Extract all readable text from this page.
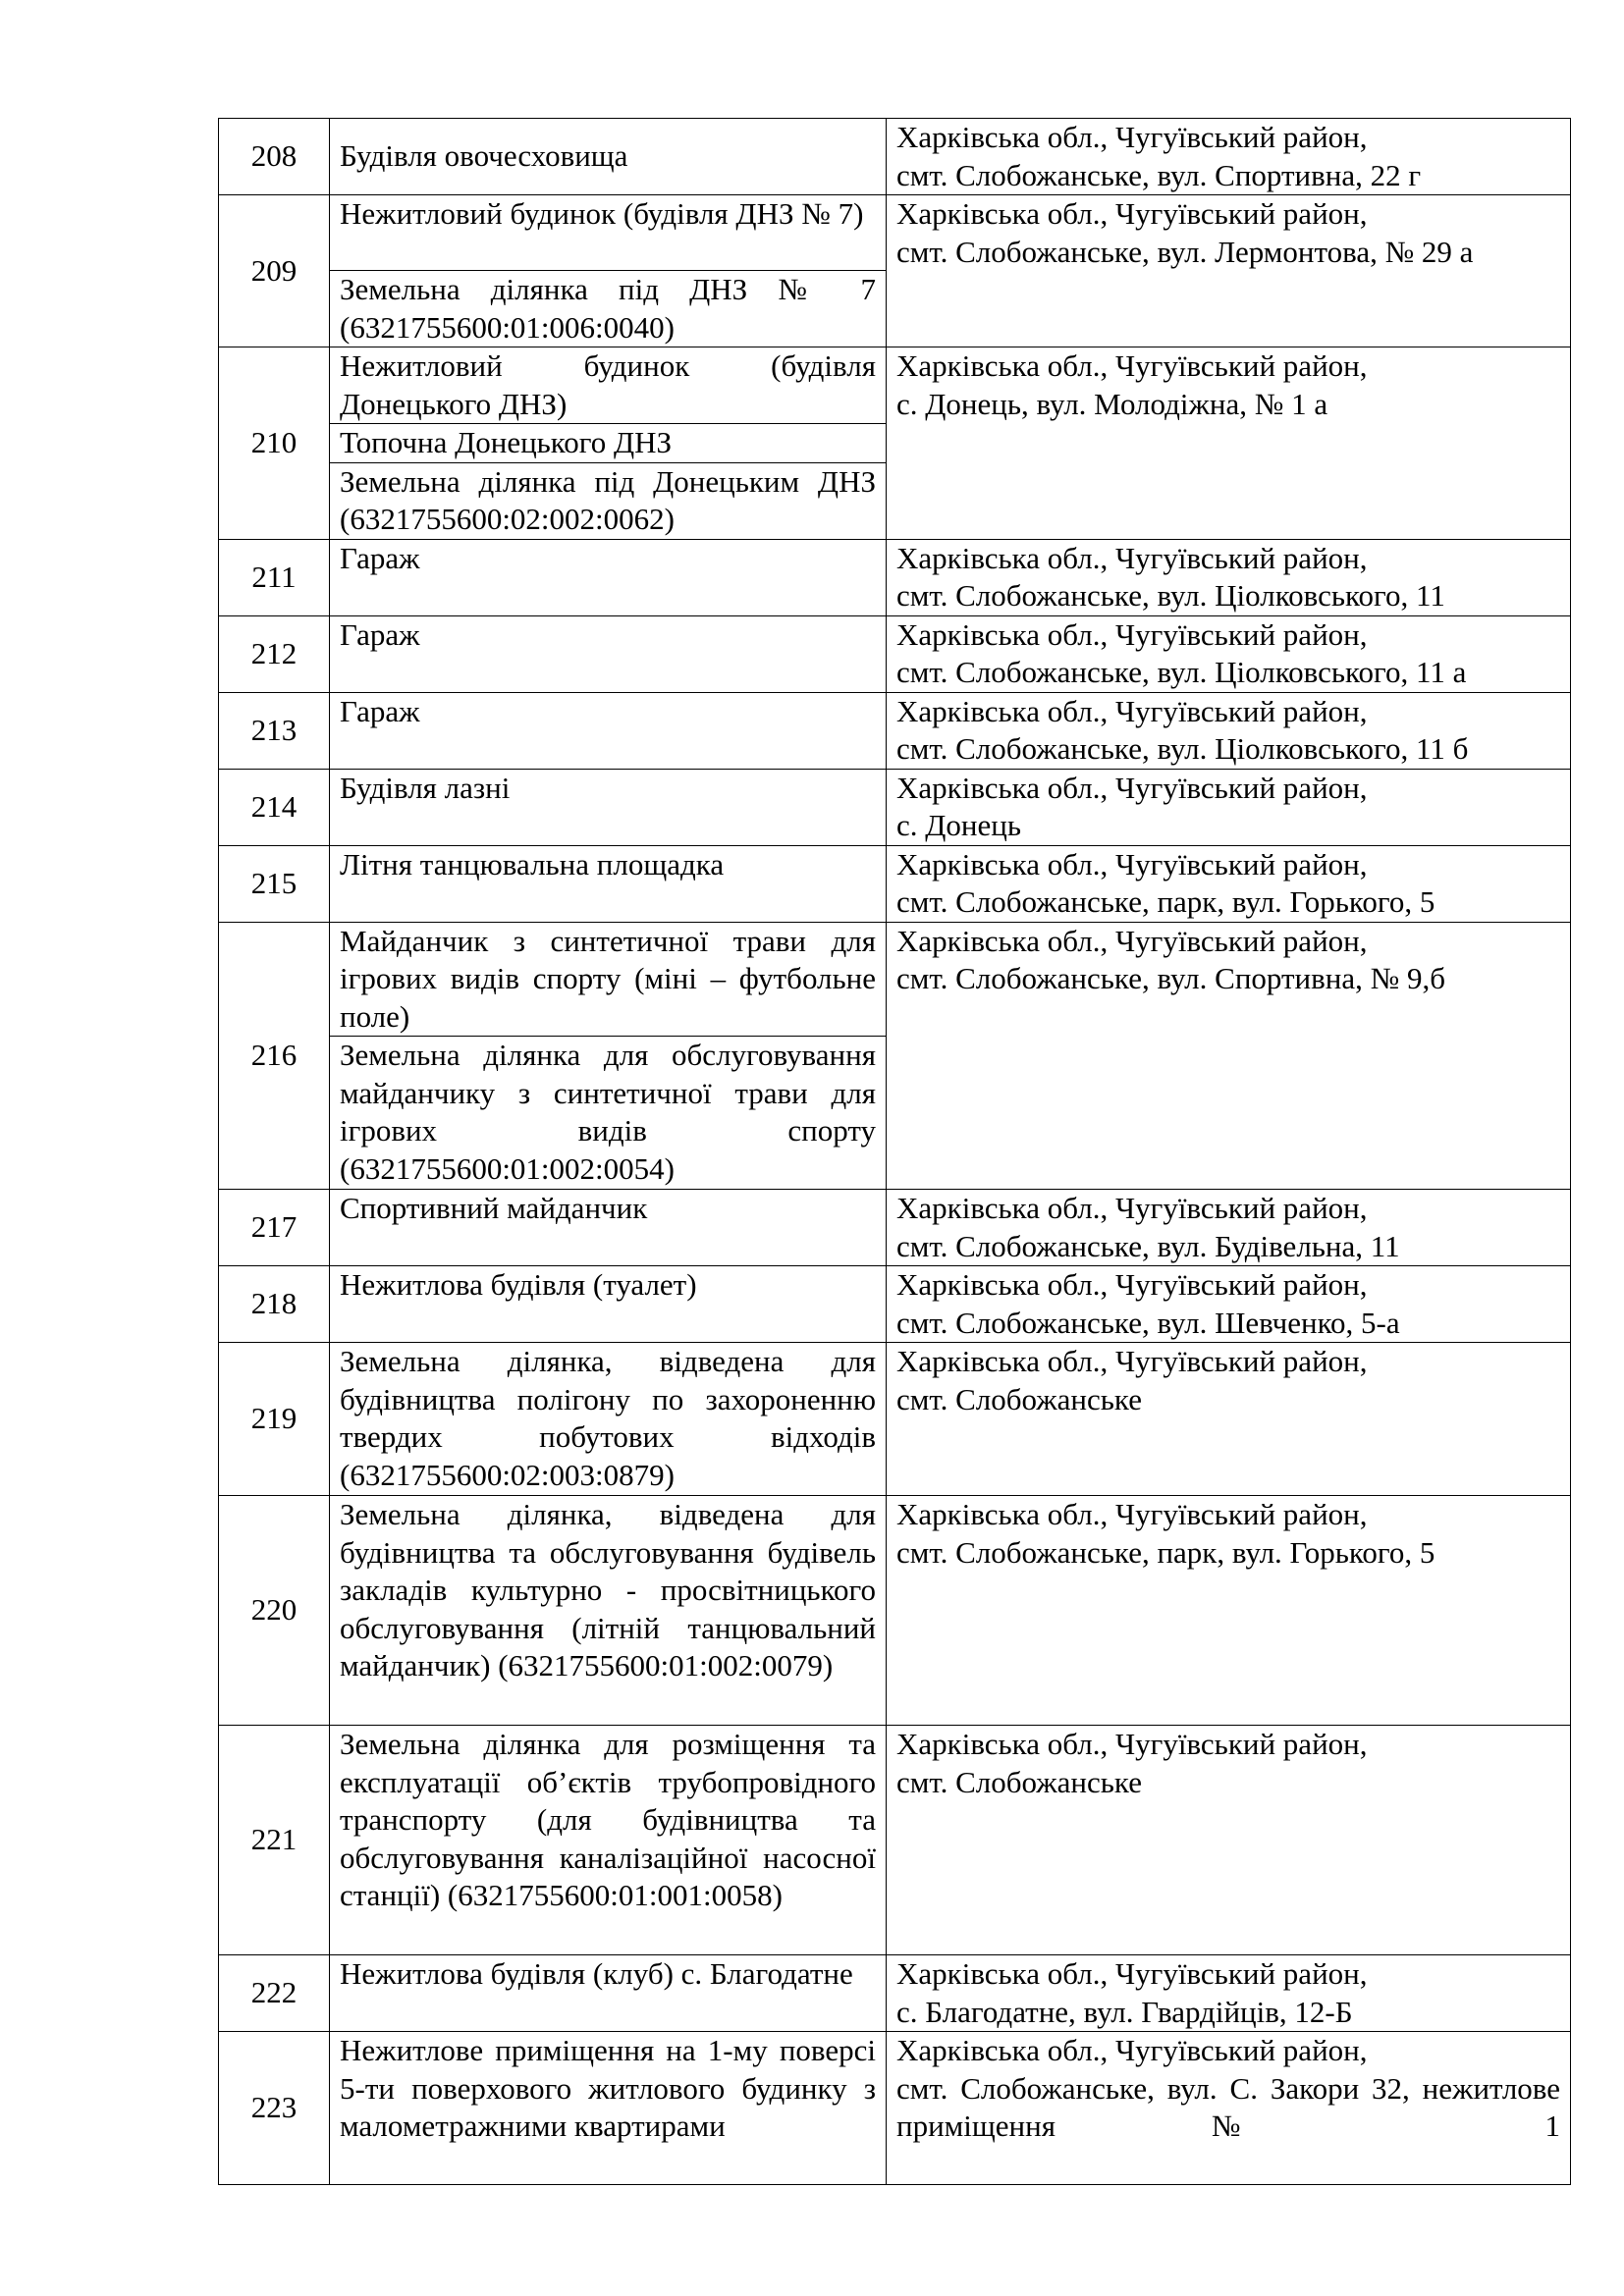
208	Будівля овочесховища	Харківська обл., Чугуївський район,
смт. Слобожанське, вул. Спортивна, 22 г

209	Нежитловий будинок (будівля ДНЗ № 7)	Харківська обл., Чугуївський район,
смт. Слобожанське, вул. Лермонтова, № 29 а

	Земельна ділянка під ДНЗ № 7 (6321755600:01:006:0040)	
210	Нежитловий будинок (будівля Донецького ДНЗ)	Харківська обл., Чугуївський район,
с. Донець, вул. Молодіжна, № 1 а

	Топочна Донецького ДНЗ	
	Земельна ділянка під Донецьким ДНЗ (6321755600:02:002:0062)	
211	Гараж	Харківська обл., Чугуївський район,
смт. Слобожанське, вул. Ціолковського, 11

212	Гараж	Харківська обл., Чугуївський район,
смт. Слобожанське, вул. Ціолковського, 11 а

213	Гараж	Харківська обл., Чугуївський район,
смт. Слобожанське, вул. Ціолковського, 11 б

214	Будівля лазні	Харківська обл., Чугуївський район,
с. Донець

215	Літня танцювальна площадка	Харківська обл., Чугуївський район,
смт. Слобожанське, парк, вул. Горького, 5

216	Майданчик з синтетичної трави для ігрових видів спорту (міні – футбольне поле)	Харківська обл., Чугуївський район,
смт. Слобожанське, вул. Спортивна, № 9,б

	Земельна ділянка для обслуговування майданчику з синтетичної трави для ігрових видів спорту (6321755600:01:002:0054)	
217	Спортивний майданчик	Харківська обл., Чугуївський район,
смт. Слобожанське, вул. Будівельна, 11

218	Нежитлова будівля (туалет)	Харківська обл., Чугуївський район,
смт. Слобожанське, вул. Шевченко, 5-а

219	Земельна ділянка, відведена для будівництва полігону по захороненню твердих побутових відходів (6321755600:02:003:0879)	Харківська обл., Чугуївський район,
смт. Слобожанське

220	Земельна ділянка, відведена для будівництва та обслуговування будівель закладів культурно - просвітницького обслуговування (літній танцювальний майданчик) (6321755600:01:002:0079)	Харківська обл., Чугуївський район,
смт. Слобожанське, парк, вул. Горького, 5

221	Земельна ділянка для розміщення та експлуатації об’єктів трубопровідного транспорту (для будівництва та обслуговування каналізаційної насосної станції) (6321755600:01:001:0058)	Харківська обл., Чугуївський район,
смт. Слобожанське

222	Нежитлова будівля (клуб) с. Благодатне	Харківська обл., Чугуївський район,
с. Благодатне, вул. Гвардійців, 12-Б

223	Нежитлове приміщення на 1-му поверсі 5-ти поверхового житлового будинку з малометражними квартирами	Харківська обл., Чугуївський район,
смт. Слобожанське, вул. С. Закори 32, нежитлове приміщення № 1
